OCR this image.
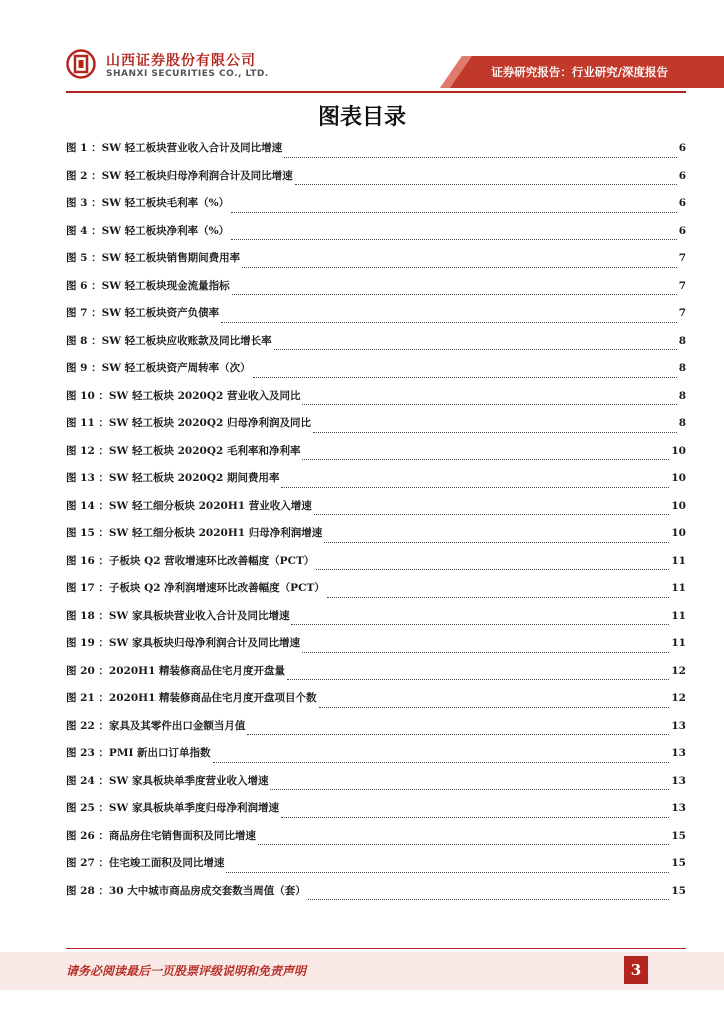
山西证券股份有限公司
SHANXI SECURITIES CO., LTD.	证券研究报告：行业研究/深度报告
图表目录
图 1 ：SW 轻工板块营业收入合计及同比增速	6
图 2 ：SW 轻工板块归母净利润合计及同比增速	6
图 3 ：SW 轻工板块毛利率（%）	6
图 4 ：SW 轻工板块净利率（%）	6
图 5 ：SW 轻工板块销售期间费用率	7
图 6 ：SW 轻工板块现金流量指标	7
图 7 ：SW 轻工板块资产负债率	7
图 8 ：SW 轻工板块应收账款及同比增长率	8
图 9 ：SW 轻工板块资产周转率（次）	8
图 10 ：SW 轻工板块 2020Q2 营业收入及同比	8
图 11 ：SW 轻工板块 2020Q2 归母净利润及同比	8
图 12 ：SW 轻工板块 2020Q2 毛利率和净利率	10
图 13 ：SW 轻工板块 2020Q2 期间费用率	10
图 14 ：SW 轻工细分板块 2020H1 营业收入增速	10
图 15 ：SW 轻工细分板块 2020H1 归母净利润增速	10
图 16 ：子板块 Q2 营收增速环比改善幅度（PCT）	11
图 17 ：子板块 Q2 净利润增速环比改善幅度（PCT）	11
图 18 ：SW 家具板块营业收入合计及同比增速	11
图 19 ：SW 家具板块归母净利润合计及同比增速	11
图 20 ：2020H1 精装修商品住宅月度开盘量	12
图 21 ：2020H1 精装修商品住宅月度开盘项目个数	12
图 22 ：家具及其零件出口金额当月值	13
图 23 ：PMI 新出口订单指数	13
图 24 ：SW 家具板块单季度营业收入增速	13
图 25 ：SW 家具板块单季度归母净利润增速	13
图 26 ：商品房住宅销售面积及同比增速	15
图 27 ：住宅竣工面积及同比增速	15
图 28 ：30 大中城市商品房成交套数当周值（套）	15
请务必阅读最后一页股票评级说明和免责声明	3
